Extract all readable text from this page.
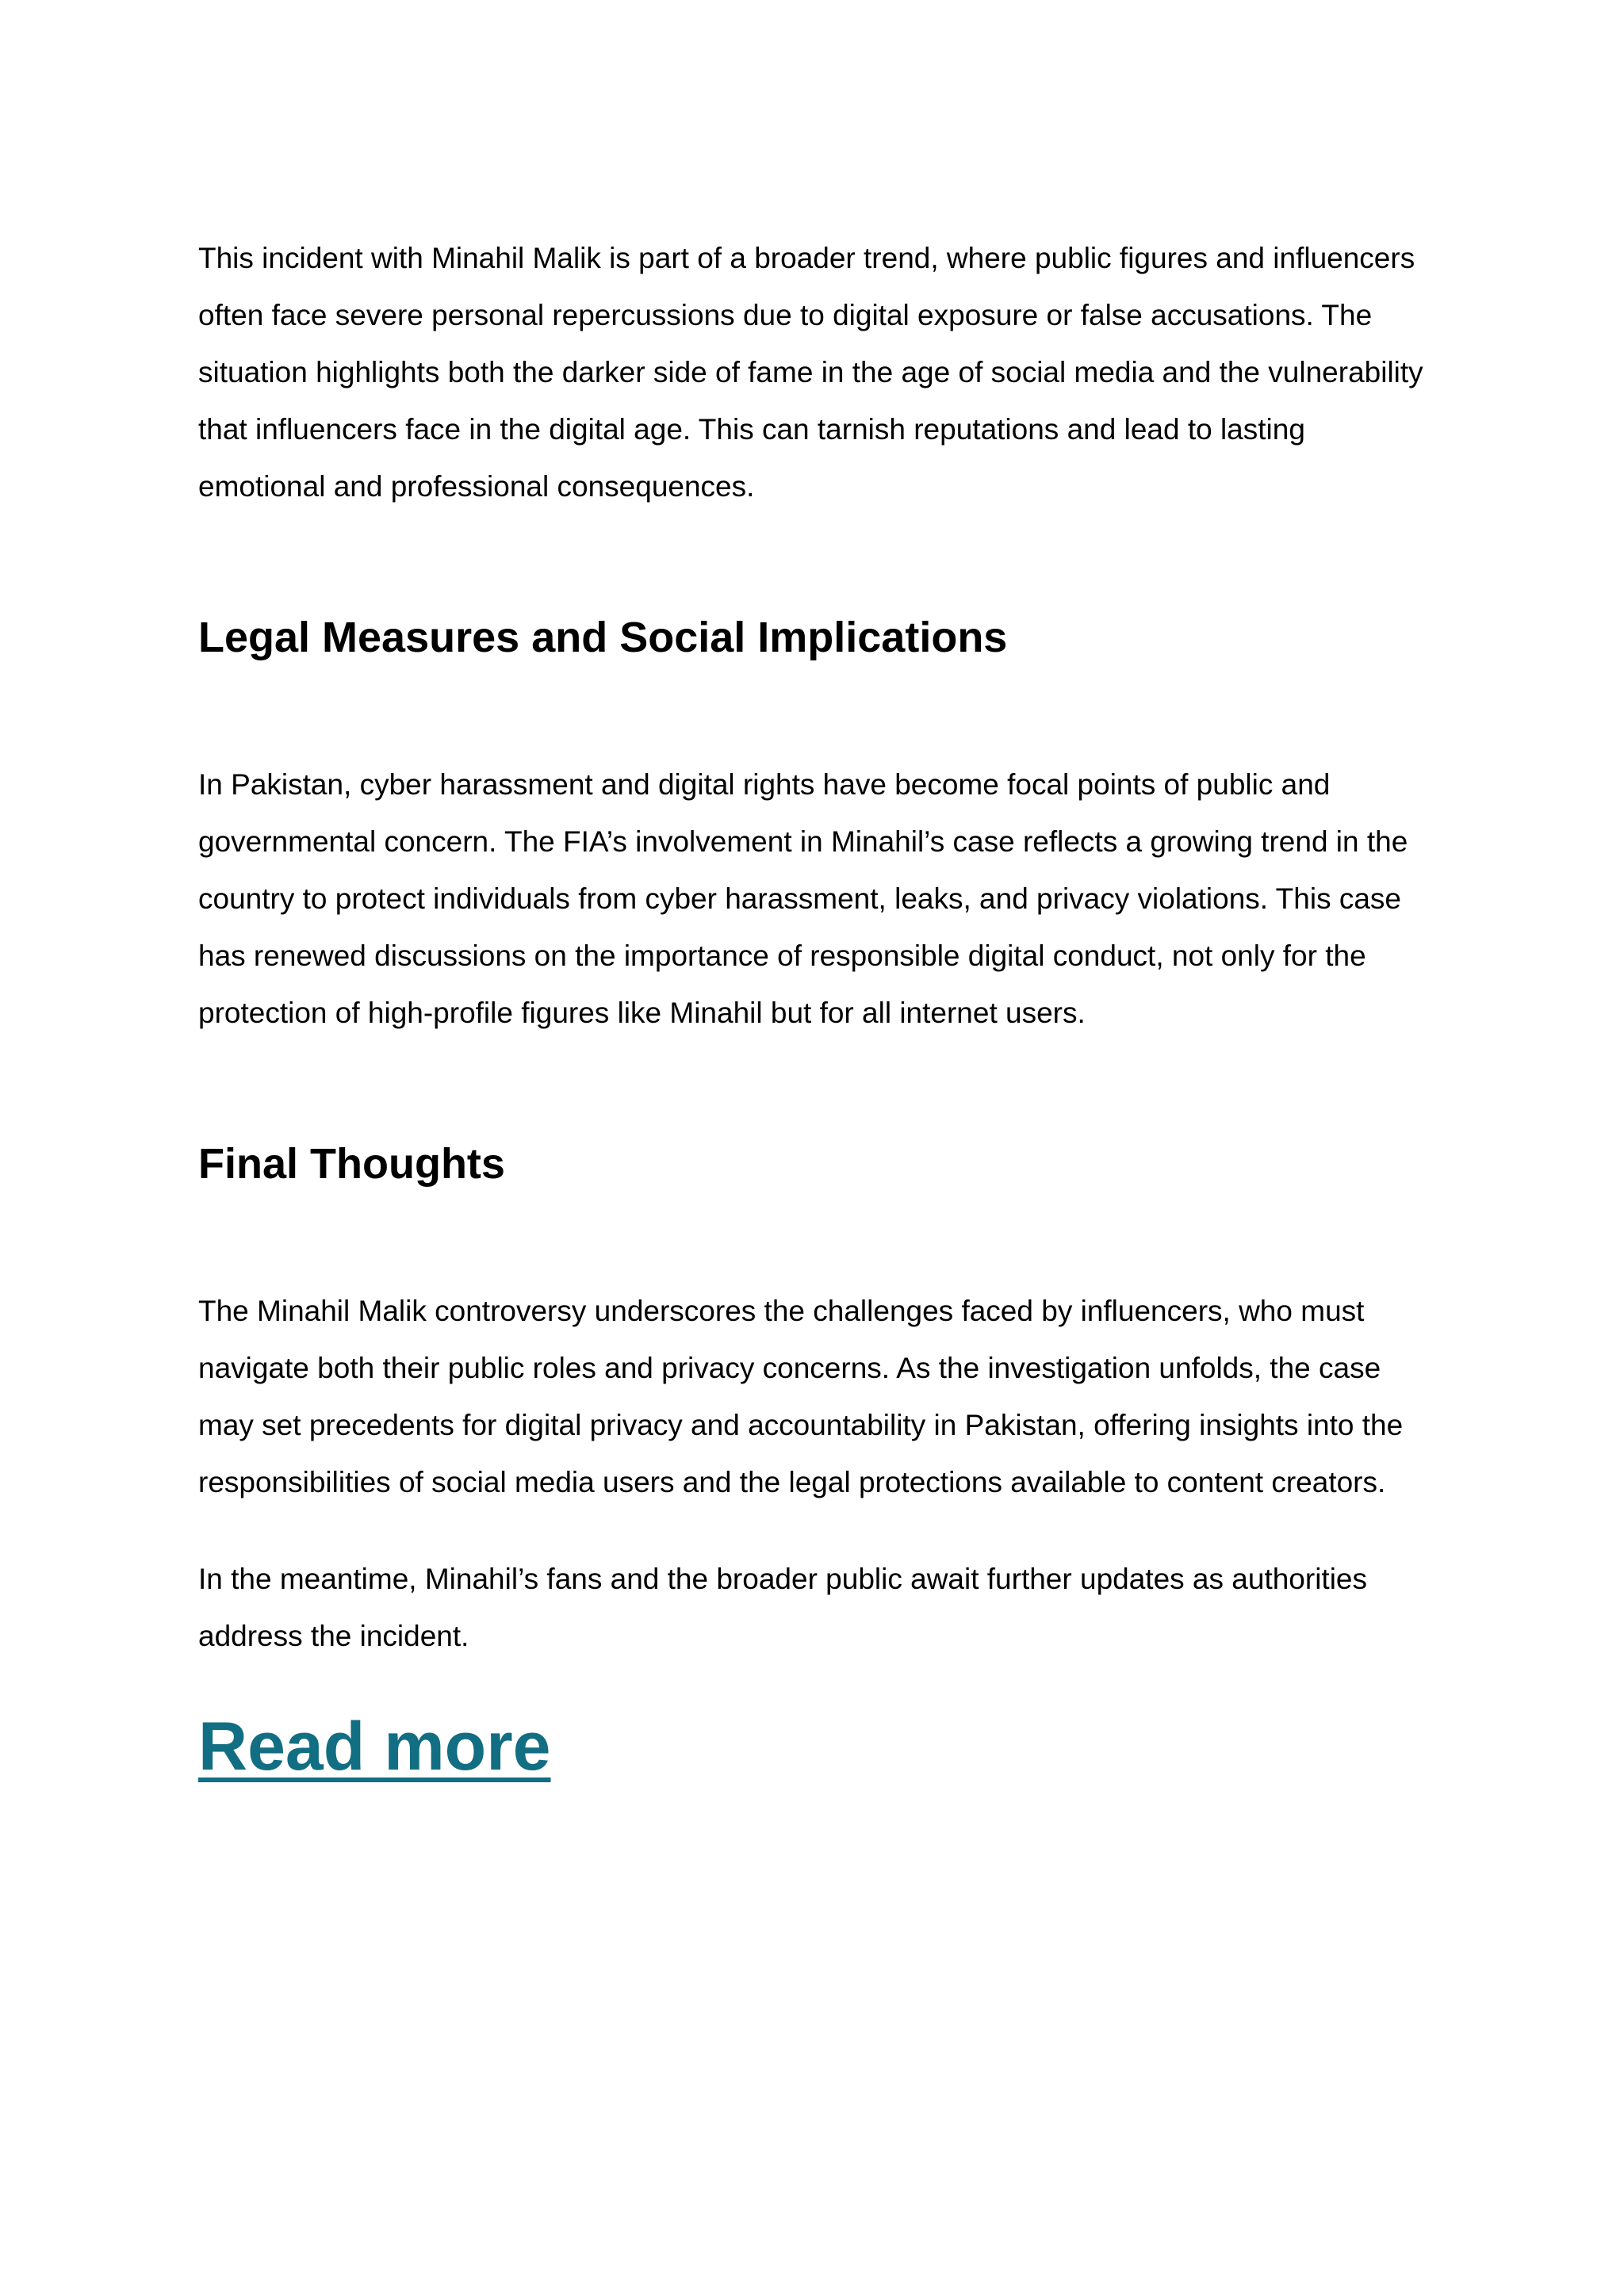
This incident with Minahil Malik is part of a broader trend, where public figures and influencers often face severe personal repercussions due to digital exposure or false accusations. The situation highlights both the darker side of fame in the age of social media and the vulnerability that influencers face in the digital age. This can tarnish reputations and lead to lasting emotional and professional consequences.

Legal Measures and Social Implications

In Pakistan, cyber harassment and digital rights have become focal points of public and governmental concern. The FIA’s involvement in Minahil’s case reflects a growing trend in the country to protect individuals from cyber harassment, leaks, and privacy violations. This case has renewed discussions on the importance of responsible digital conduct, not only for the protection of high-profile figures like Minahil but for all internet users.

Final Thoughts

The Minahil Malik controversy underscores the challenges faced by influencers, who must navigate both their public roles and privacy concerns. As the investigation unfolds, the case may set precedents for digital privacy and accountability in Pakistan, offering insights into the responsibilities of social media users and the legal protections available to content creators.

In the meantime, Minahil’s fans and the broader public await further updates as authorities address the incident.

Read more
